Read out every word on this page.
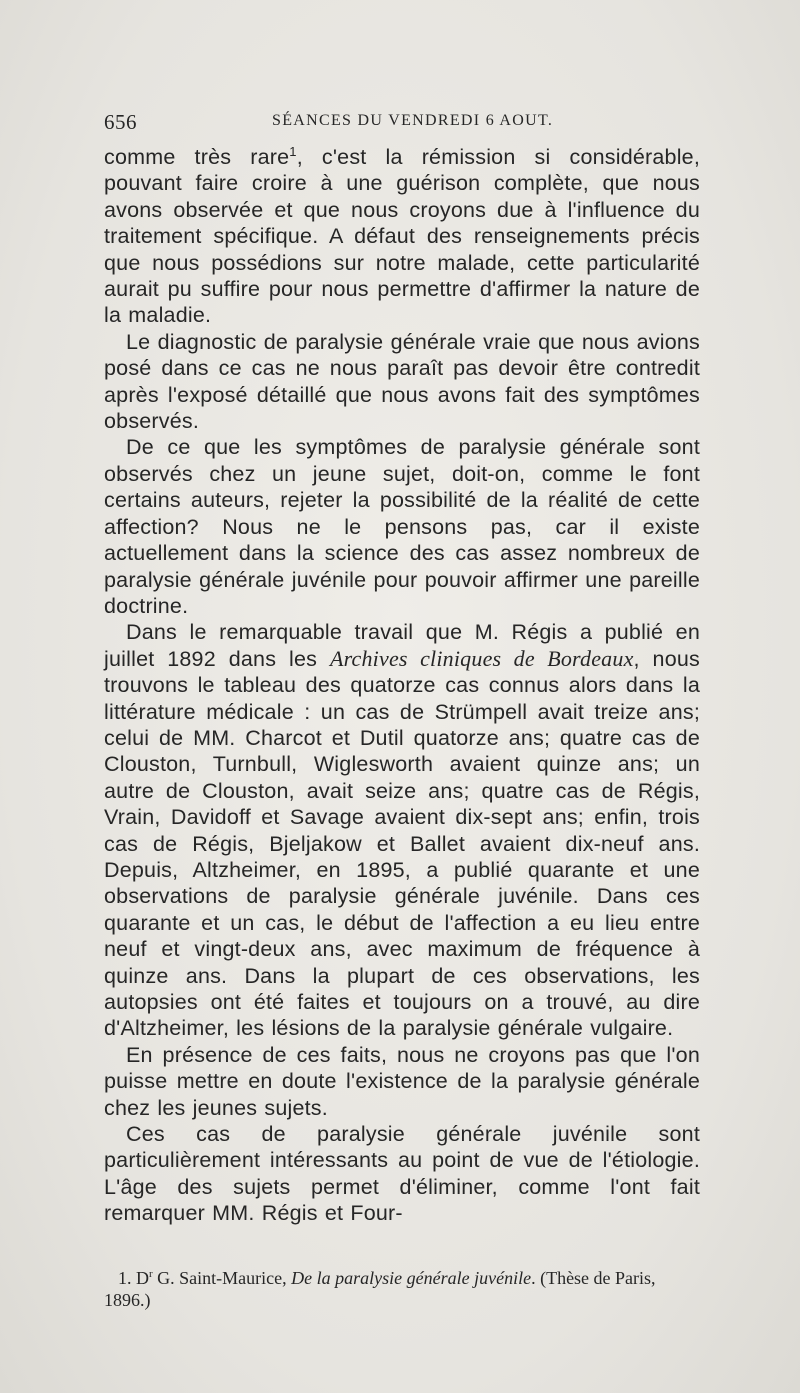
656	SÉANCES DU VENDREDI 6 AOUT.

comme très rare$^1$, c'est la rémission si considérable, pouvant faire croire à une guérison complète, que nous avons observée et que nous croyons due à l'influence du traitement spécifique. A défaut des renseignements précis que nous possédions sur notre malade, cette particularité aurait pu suffire pour nous permettre d'affirmer la nature de la maladie.

Le diagnostic de paralysie générale vraie que nous avions posé dans ce cas ne nous paraît pas devoir être contredit après l'exposé détaillé que nous avons fait des symptômes observés.

De ce que les symptômes de paralysie générale sont observés chez un jeune sujet, doit-on, comme le font certains auteurs, rejeter la possibilité de la réalité de cette affection? Nous ne le pensons pas, car il existe actuellement dans la science des cas assez nombreux de paralysie générale juvénile pour pouvoir affirmer une pareille doctrine.

Dans le remarquable travail que M. Régis a publié en juillet 1892 dans les Archives cliniques de Bordeaux, nous trouvons le tableau des quatorze cas connus alors dans la littérature médicale : un cas de Strümpell avait treize ans; celui de MM. Charcot et Dutil quatorze ans; quatre cas de Clouston, Turnbull, Wiglesworth avaient quinze ans; un autre de Clouston, avait seize ans; quatre cas de Régis, Vrain, Davidoff et Savage avaient dix-sept ans; enfin, trois cas de Régis, Bjeljakow et Ballet avaient dix-neuf ans. Depuis, Altzheimer, en 1895, a publié quarante et une observations de paralysie générale juvénile. Dans ces quarante et un cas, le début de l'affection a eu lieu entre neuf et vingt-deux ans, avec maximum de fréquence à quinze ans. Dans la plupart de ces observations, les autopsies ont été faites et toujours on a trouvé, au dire d'Altzheimer, les lésions de la paralysie générale vulgaire.

En présence de ces faits, nous ne croyons pas que l'on puisse mettre en doute l'existence de la paralysie générale chez les jeunes sujets.

Ces cas de paralysie générale juvénile sont particulièrement intéressants au point de vue de l'étiologie. L'âge des sujets permet d'éliminer, comme l'ont fait remarquer MM. Régis et Four-

1. $D^r$ G. Saint-Maurice, De la paralysie générale juvénile. (Thèse de Paris, 1896.)
